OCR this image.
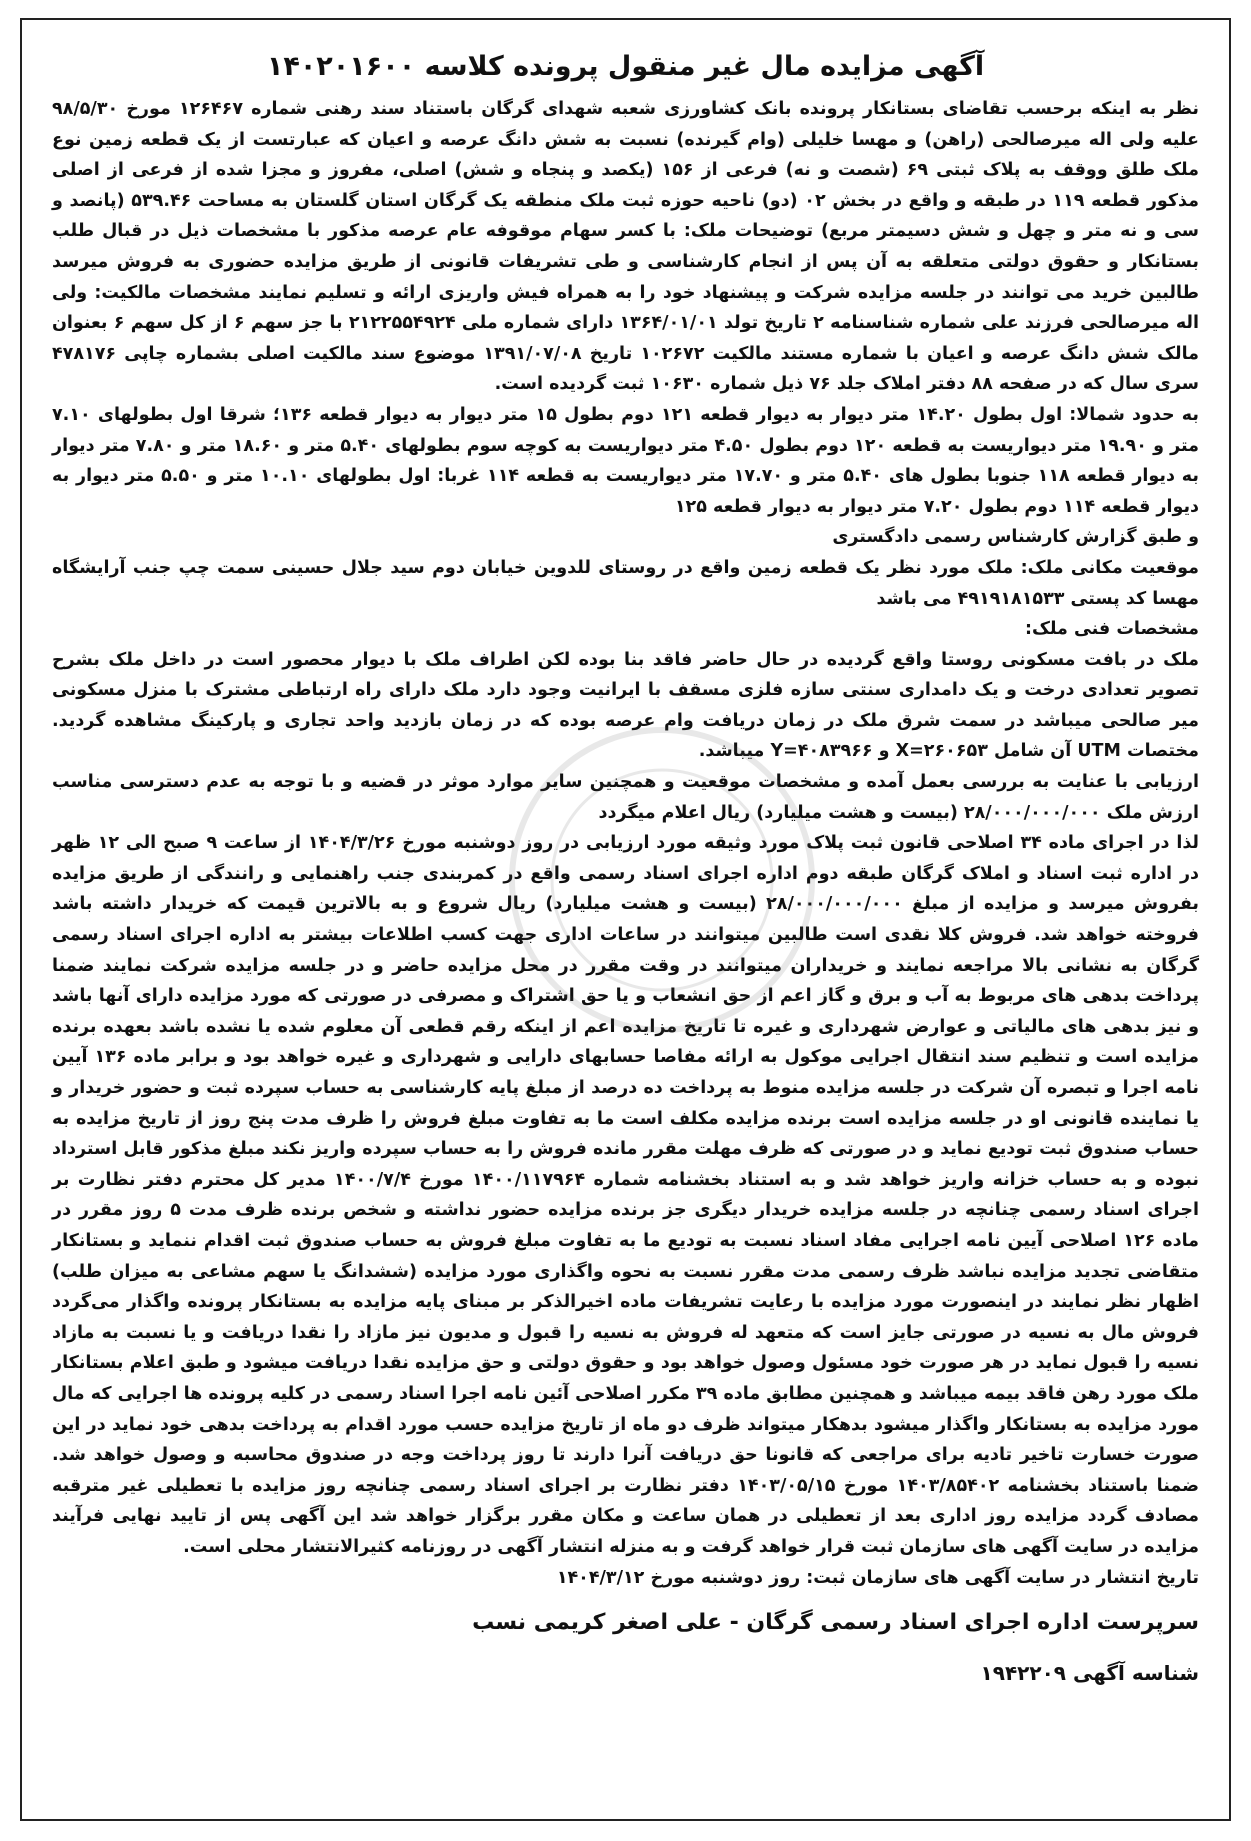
آگهی مزایده مال غیر منقول پرونده کلاسه ۱۴۰۲۰۱۶۰۰

نظر به اینکه برحسب تقاضای بستانکار پرونده بانک کشاورزی شعبه شهدای گرگان باستناد سند رهنی شماره ۱۲۶۴۶۷ مورخ ۹۸/۵/۳۰ علیه ولی اله میرصالحی (راهن) و مهسا خلیلی (وام گیرنده) نسبت به شش دانگ عرصه و اعیان که عبارتست از یک قطعه زمین نوع ملک طلق ووقف به پلاک ثبتی ۶۹ (شصت و نه) فرعی از ۱۵۶ (یکصد و پنجاه و شش) اصلی، مفروز و مجزا شده از فرعی از اصلی مذکور قطعه ۱۱۹ در طبقه و واقع در بخش ۰۲ (دو) ناحیه حوزه ثبت ملک منطقه یک گرگان استان گلستان به مساحت ۵۳۹.۴۶ (پانصد و سی و نه متر و چهل و شش دسیمتر مربع) توضیحات ملک: با کسر سهام موقوفه عام عرصه مذکور با مشخصات ذیل در قبال طلب بستانکار و حقوق دولتی متعلقه به آن پس از انجام کارشناسی و طی تشریفات قانونی از طریق مزایده حضوری به فروش میرسد طالبین خرید می توانند در جلسه مزایده شرکت و پیشنهاد خود را به همراه فیش واریزی ارائه و تسلیم نمایند مشخصات مالکیت: ولی اله میرصالحی فرزند علی شماره شناسنامه ۲ تاریخ تولد ۱۳۶۴/۰۱/۰۱ دارای شماره ملی ۲۱۲۲۵۵۴۹۲۴ با جز سهم ۶ از کل سهم ۶ بعنوان مالک شش دانگ عرصه و اعیان با شماره مستند مالکیت ۱۰۲۶۷۲ تاریخ ۱۳۹۱/۰۷/۰۸ موضوع سند مالکیت اصلی بشماره چاپی ۴۷۸۱۷۶ سری سال که در صفحه ۸۸ دفتر املاک جلد ۷۶ ذیل شماره ۱۰۶۳۰ ثبت گردیده است.

به حدود شمالا: اول بطول ۱۴.۲۰ متر دیوار به دیوار قطعه ۱۲۱ دوم بطول ۱۵ متر دیوار به دیوار قطعه ۱۳۶؛ شرقا اول بطولهای ۷.۱۰ متر و ۱۹.۹۰ متر دیواریست به قطعه ۱۲۰ دوم بطول ۴.۵۰ متر دیواریست به کوچه سوم بطولهای ۵.۴۰ متر و ۱۸.۶۰ متر و ۷.۸۰ متر دیوار به دیوار قطعه ۱۱۸ جنوبا بطول های ۵.۴۰ متر و ۱۷.۷۰ متر دیواریست به قطعه ۱۱۴ غربا: اول بطولهای ۱۰.۱۰ متر و ۵.۵۰ متر دیوار به دیوار قطعه ۱۱۴ دوم بطول ۷.۲۰ متر دیوار به دیوار قطعه ۱۲۵

و طبق گزارش کارشناس رسمی دادگستری

موقعیت مکانی ملک: ملک مورد نظر یک قطعه زمین واقع در روستای للدوین خیابان دوم سید جلال حسینی سمت چپ جنب آرایشگاه مهسا کد پستی ۴۹۱۹۱۸۱۵۳۳ می باشد

مشخصات فنی ملک:

ملک در بافت مسکونی روستا واقع گردیده در حال حاضر فاقد بنا بوده لکن اطراف ملک با دیوار محصور است در داخل ملک بشرح تصویر تعدادی درخت و یک دامداری سنتی سازه فلزی مسقف با ایرانیت وجود دارد ملک دارای راه ارتباطی مشترک با منزل مسکونی میر صالحی میباشد در سمت شرق ملک در زمان دریافت وام عرصه بوده که در زمان بازدید واحد تجاری و پارکینگ مشاهده گردید. مختصات UTM آن شامل X=۲۶۰۶۵۳ و Y=۴۰۸۳۹۶۶ میباشد.

ارزیابی با عنایت به بررسی بعمل آمده و مشخصات موقعیت و همچنین سایر موارد موثر در قضیه و با توجه به عدم دسترسی مناسب ارزش ملک ۲۸/۰۰۰/۰۰۰/۰۰۰ (بیست و هشت میلیارد) ریال اعلام میگردد

لذا در اجرای ماده ۳۴ اصلاحی قانون ثبت پلاک مورد وثیقه مورد ارزیابی در روز دوشنبه مورخ ۱۴۰۴/۳/۲۶ از ساعت ۹ صبح الی ۱۲ ظهر در اداره ثبت اسناد و املاک گرگان طبقه دوم اداره اجرای اسناد رسمی واقع در کمربندی جنب راهنمایی و رانندگی از طریق مزایده بفروش میرسد و مزایده از مبلغ ۲۸/۰۰۰/۰۰۰/۰۰۰ (بیست و هشت میلیارد) ریال شروع و به بالاترین قیمت که خریدار داشته باشد فروخته خواهد شد. فروش کلا نقدی است طالبین میتوانند در ساعات اداری جهت کسب اطلاعات بیشتر به اداره اجرای اسناد رسمی گرگان به نشانی بالا مراجعه نمایند و خریداران میتوانند در وقت مقرر در محل مزایده حاضر و در جلسه مزایده شرکت نمایند ضمنا پرداخت بدهی های مربوط به آب و برق و گاز اعم از حق انشعاب و یا حق اشتراک و مصرفی در صورتی که مورد مزایده دارای آنها باشد و نیز بدهی های مالیاتی و عوارض شهرداری و غیره تا تاریخ مزایده اعم از اینکه رقم قطعی آن معلوم شده یا نشده باشد بعهده برنده مزایده است و تنظیم سند انتقال اجرایی موکول به ارائه مفاصا حسابهای دارایی و شهرداری و غیره خواهد بود و برابر ماده ۱۳۶ آیین نامه اجرا و تبصره آن شرکت در جلسه مزایده منوط به پرداخت ده درصد از مبلغ پایه کارشناسی به حساب سپرده ثبت و حضور خریدار و یا نماینده قانونی او در جلسه مزایده است برنده مزایده مکلف است ما به تفاوت مبلغ فروش را ظرف مدت پنج روز از تاریخ مزایده به حساب صندوق ثبت تودیع نماید و در صورتی که ظرف مهلت مقرر مانده فروش را به حساب سپرده واریز نکند مبلغ مذکور قابل استرداد نبوده و به حساب خزانه واریز خواهد شد و به استناد بخشنامه شماره ۱۴۰۰/۱۱۷۹۶۴ مورخ ۱۴۰۰/۷/۴ مدیر کل محترم دفتر نظارت بر اجرای اسناد رسمی چنانچه در جلسه مزایده خریدار دیگری جز برنده مزایده حضور نداشته و شخص برنده ظرف مدت ۵ روز مقرر در ماده ۱۲۶ اصلاحی آیین نامه اجرایی مفاد اسناد نسبت به تودیع ما به تفاوت مبلغ فروش به حساب صندوق ثبت اقدام ننماید و بستانکار متقاضی تجدید مزایده نباشد ظرف رسمی مدت مقرر نسبت به نحوه واگذاری مورد مزایده (ششدانگ یا سهم مشاعی به میزان طلب) اظهار نظر نمایند در اینصورت مورد مزایده با رعایت تشریفات ماده اخیرالذکر بر مبنای پایه مزایده به بستانکار پرونده واگذار می‌گردد فروش مال به نسیه در صورتی جایز است که متعهد له فروش به نسیه را قبول و مدیون نیز مازاد را نقدا دریافت و یا نسبت به مازاد نسیه را قبول نماید در هر صورت خود مسئول وصول خواهد بود و حقوق دولتی و حق مزایده نقدا دریافت میشود و طبق اعلام بستانکار ملک مورد رهن فاقد بیمه میباشد و همچنین مطابق ماده ۳۹ مکرر اصلاحی آئین نامه اجرا اسناد رسمی در کلیه پرونده ها اجرایی که مال مورد مزایده به بستانکار واگذار میشود بدهکار میتواند ظرف دو ماه از تاریخ مزایده حسب مورد اقدام به پرداخت بدهی خود نماید در این صورت خسارت تاخیر تادیه برای مراجعی که قانونا حق دریافت آنرا دارند تا روز پرداخت وجه در صندوق محاسبه و وصول خواهد شد. ضمنا باستناد بخشنامه ۱۴۰۳/۸۵۴۰۲ مورخ ۱۴۰۳/۰۵/۱۵ دفتر نظارت بر اجرای اسناد رسمی چنانچه روز مزایده با تعطیلی غیر مترقبه مصادف گردد مزایده روز اداری بعد از تعطیلی در همان ساعت و مکان مقرر برگزار خواهد شد این آگهی پس از تایید نهایی فرآیند مزایده در سایت آگهی های سازمان ثبت قرار خواهد گرفت و به منزله انتشار آگهی در روزنامه کثیرالانتشار محلی است.

تاریخ انتشار در سایت آگهی های سازمان ثبت: روز دوشنبه مورخ ۱۴۰۴/۳/۱۲

سرپرست اداره اجرای اسناد رسمی گرگان - علی اصغر کریمی نسب
شناسه آگهی ۱۹۴۲۲۰۹
